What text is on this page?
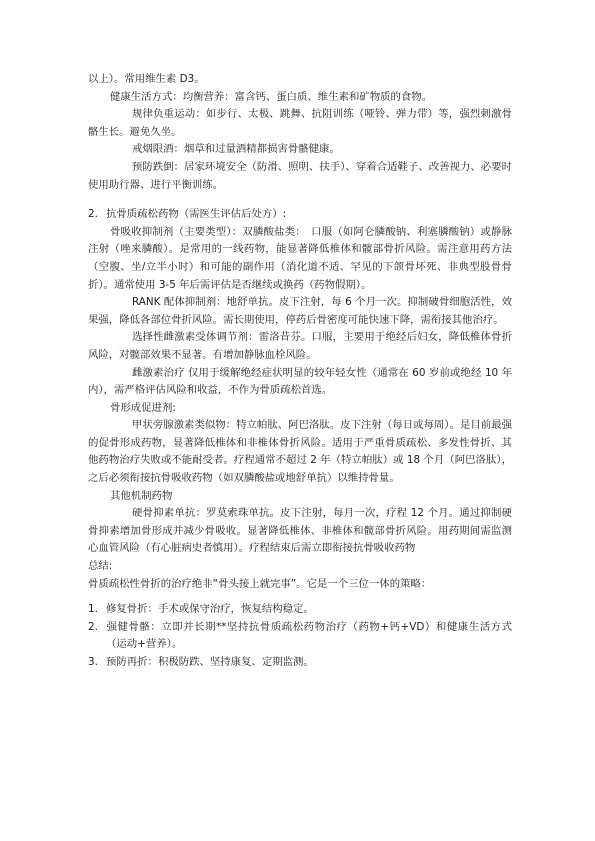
以上）。常用维生素 D3。

健康生活方式：均衡营养：富含钙、蛋白质、维生素和矿物质的食物。

规律负重运动：如步行、太极、跳舞、抗阻训练（哑铃、弹力带）等，强烈刺激骨骼生长。避免久坐。

戒烟限酒：烟草和过量酒精都损害骨骼健康。

预防跌倒：居家环境安全（防滑、照明、扶手）、穿着合适鞋子、改善视力、必要时使用助行器、进行平衡训练。

2. 抗骨质疏松药物（需医生评估后处方）:

骨吸收抑制剂（主要类型）：双膦酸盐类：　口服（如阿仑膦酸钠、利塞膦酸钠）或静脉注射（唑来膦酸）。是常用的一线药物，能显著降低椎体和髋部骨折风险。需注意用药方法（空腹、坐/立半小时）和可能的副作用（消化道不适、罕见的下颌骨坏死、非典型股骨骨折）。通常使用 3-5 年后需评估是否继续或换药（药物假期）。

RANK 配体抑制剂：地舒单抗。皮下注射，每 6 个月一次。抑制破骨细胞活性，效果强，降低各部位骨折风险。需长期使用，停药后骨密度可能快速下降，需衔接其他治疗。

选择性雌激素受体调节剂：雷洛昔芬。口服，主要用于绝经后妇女，降低椎体骨折风险，对髋部效果不显著。有增加静脉血栓风险。

雌激素治疗 仅用于缓解绝经症状明显的较年轻女性（通常在 60 岁前或绝经 10 年内），需严格评估风险和收益，不作为骨质疏松首选。

骨形成促进剂:

甲状旁腺激素类似物：特立帕肽、阿巴洛肽。皮下注射（每日或每周）。是目前最强的促骨形成药物，显著降低椎体和非椎体骨折风险。适用于严重骨质疏松、多发性骨折、其他药物治疗失败或不能耐受者。疗程通常不超过 2 年（特立帕肽）或 18 个月（阿巴洛肽），之后必须衔接抗骨吸收药物（如双膦酸盐或地舒单抗）以维持骨量。

其他机制药物

硬骨抑素单抗：罗莫索珠单抗。皮下注射，每月一次，疗程 12 个月。通过抑制硬骨抑素增加骨形成并减少骨吸收。显著降低椎体、非椎体和髋部骨折风险。用药期间需监测心血管风险（有心脏病史者慎用）。疗程结束后需立即衔接抗骨吸收药物

总结:

骨质疏松性骨折的治疗绝非“骨头接上就完事”。它是一个三位一体的策略：

1. 修复骨折：手术或保守治疗，恢复结构稳定。

2. 强健骨骼：立即并长期**坚持抗骨质疏松药物治疗（药物+钙+VD）和健康生活方式（运动+营养）。

3. 预防再折：积极防跌、坚持康复、定期监测。
